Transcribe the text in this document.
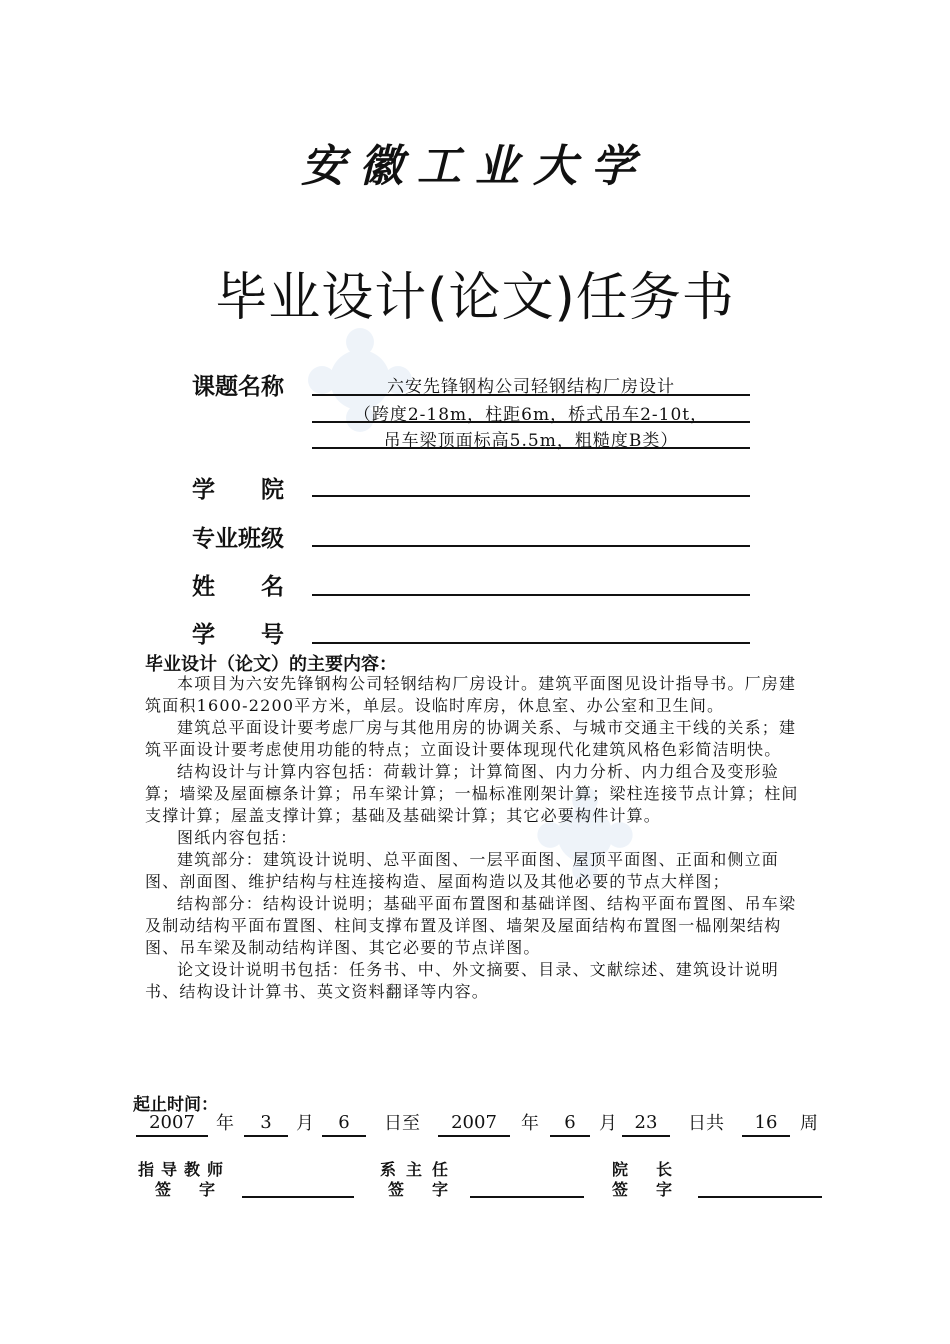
安徽工业大学
毕业设计(论文)任务书
课题名称	六安先锋钢构公司轻钢结构厂房设计
（跨度2-18m，柱距6m，桥式吊车2-10t，
吊车梁顶面标高5.5m，粗糙度B类）
学　　院
专业班级
姓　　名
学　　号
毕业设计（论文）的主要内容：

本项目为六安先锋钢构公司轻钢结构厂房设计。建筑平面图见设计指导书。厂房建筑面积1600-2200平方米，单层。设临时库房，休息室、办公室和卫生间。

建筑总平面设计要考虑厂房与其他用房的协调关系、与城市交通主干线的关系；建筑平面设计要考虑使用功能的特点；立面设计要体现现代化建筑风格色彩简洁明快。

结构设计与计算内容包括：荷载计算；计算简图、内力分析、内力组合及变形验算；墙梁及屋面檩条计算；吊车梁计算；一榀标准刚架计算；梁柱连接节点计算；柱间支撑计算；屋盖支撑计算；基础及基础梁计算；其它必要构件计算。

图纸内容包括：

建筑部分：建筑设计说明、总平面图、一层平面图、屋顶平面图、正面和侧立面图、剖面图、维护结构与柱连接构造、屋面构造以及其他必要的节点大样图；

结构部分：结构设计说明；基础平面布置图和基础详图、结构平面布置图、吊车梁及制动结构平面布置图、柱间支撑布置及详图、墙架及屋面结构布置图一榀刚架结构图、吊车梁及制动结构详图、其它必要的节点详图。

论文设计说明书包括：任务书、中、外文摘要、目录、文献综述、建筑设计说明书、结构设计计算书、英文资料翻译等内容。

起止时间：
2007	年	3	月	6	日至	2007	年	6	月 23	日共	16	周
指导教师
签字
系主任
签字
院长
签字
